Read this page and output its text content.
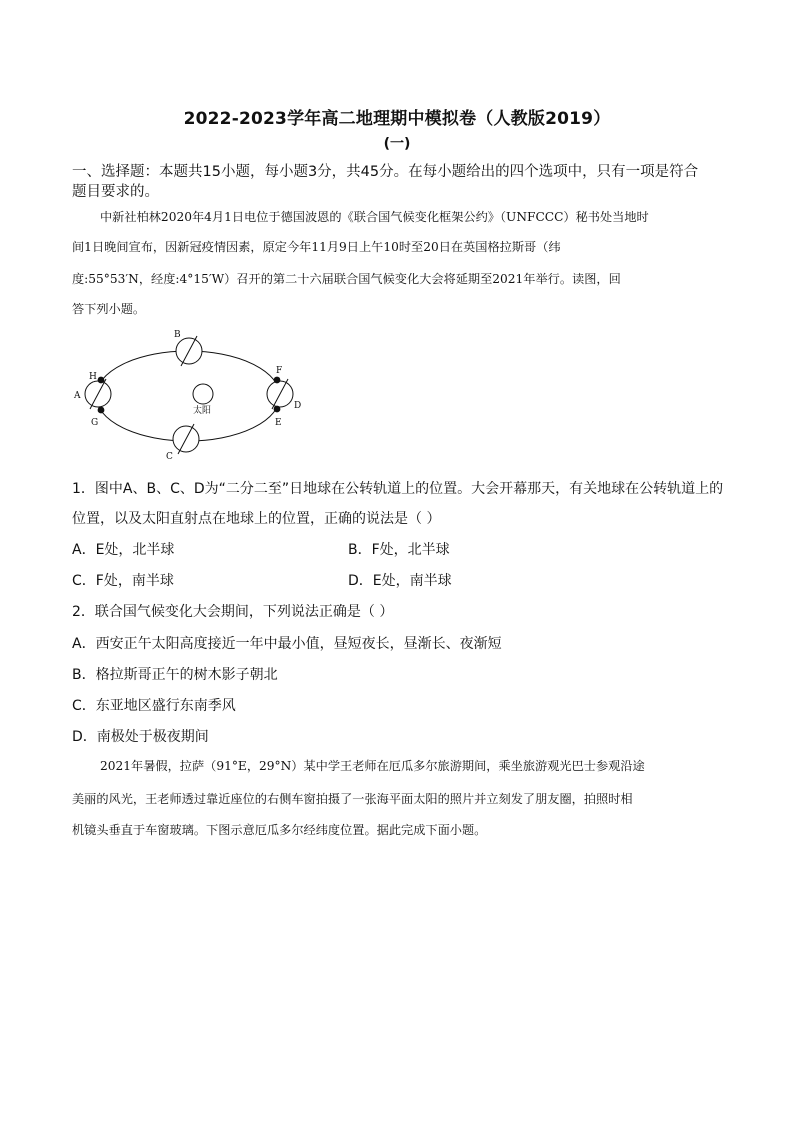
2022-2023学年高二地理期中模拟卷（人教版2019）
(一)
一、选择题：本题共15小题，每小题3分，共45分。在每小题给出的四个选项中，只有一项是符合
题目要求的。
中新社柏林2020年4月1日电位于德国波恩的《联合国气候变化框架公约》（UNFCCC）秘书处当地时
间1日晚间宣布，因新冠疫情因素，原定今年11月9日上午10时至20日在英国格拉斯哥（纬
度:55°53′N，经度:4°15′W）召开的第二十六届联合国气候变化大会将延期至2021年举行。读图，回
答下列小题。
太阳
B
C
A
H
G
D
F
E
1．图中A、B、C、D为“二分二至”日地球在公转轨道上的位置。大会开幕那天，有关地球在公转轨道上的
位置，以及太阳直射点在地球上的位置，正确的说法是（ ）
A．E处，北半球	B．F处，北半球
C．F处，南半球	D．E处，南半球
2．联合国气候变化大会期间，下列说法正确是（ ）
A．西安正午太阳高度接近一年中最小值，昼短夜长，昼渐长、夜渐短
B．格拉斯哥正午的树木影子朝北
C．东亚地区盛行东南季风
D．南极处于极夜期间
2021年暑假，拉萨（91°E，29°N）某中学王老师在厄瓜多尔旅游期间，乘坐旅游观光巴士参观沿途
美丽的风光，王老师透过靠近座位的右侧车窗拍摄了一张海平面太阳的照片并立刻发了朋友圈，拍照时相
机镜头垂直于车窗玻璃。下图示意厄瓜多尔经纬度位置。据此完成下面小题。
